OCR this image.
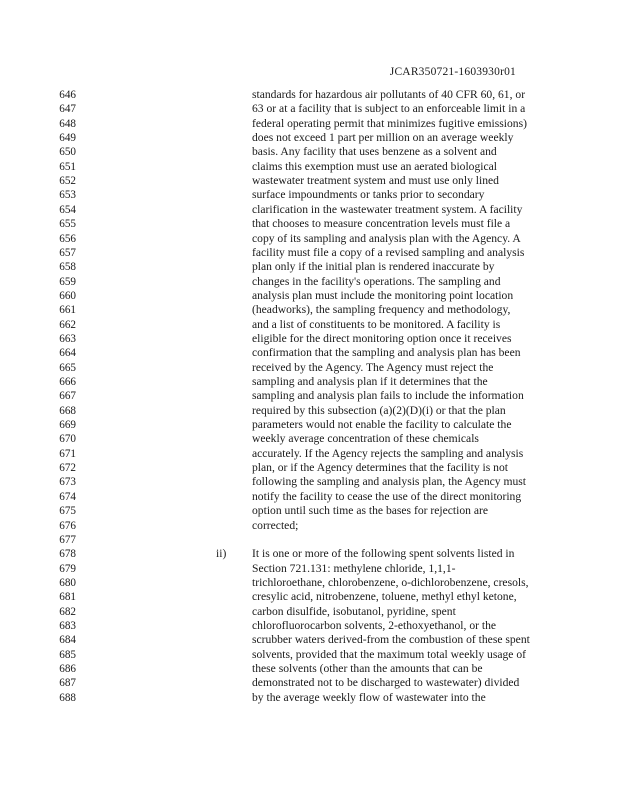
JCAR350721-1603930r01
646	standards for hazardous air pollutants of 40 CFR 60, 61, or
647	63 or at a facility that is subject to an enforceable limit in a
648	federal operating permit that minimizes fugitive emissions)
649	does not exceed 1 part per million on an average weekly
650	basis. Any facility that uses benzene as a solvent and
651	claims this exemption must use an aerated biological
652	wastewater treatment system and must use only lined
653	surface impoundments or tanks prior to secondary
654	clarification in the wastewater treatment system. A facility
655	that chooses to measure concentration levels must file a
656	copy of its sampling and analysis plan with the Agency. A
657	facility must file a copy of a revised sampling and analysis
658	plan only if the initial plan is rendered inaccurate by
659	changes in the facility's operations. The sampling and
660	analysis plan must include the monitoring point location
661	(headworks), the sampling frequency and methodology,
662	and a list of constituents to be monitored. A facility is
663	eligible for the direct monitoring option once it receives
664	confirmation that the sampling and analysis plan has been
665	received by the Agency. The Agency must reject the
666	sampling and analysis plan if it determines that the
667	sampling and analysis plan fails to include the information
668	required by this subsection (a)(2)(D)(i) or that the plan
669	parameters would not enable the facility to calculate the
670	weekly average concentration of these chemicals
671	accurately. If the Agency rejects the sampling and analysis
672	plan, or if the Agency determines that the facility is not
673	following the sampling and analysis plan, the Agency must
674	notify the facility to cease the use of the direct monitoring
675	option until such time as the bases for rejection are
676	corrected;
677
678	ii) It is one or more of the following spent solvents listed in
679	Section 721.131: methylene chloride, 1,1,1-
680	trichloroethane, chlorobenzene, o-dichlorobenzene, cresols,
681	cresylic acid, nitrobenzene, toluene, methyl ethyl ketone,
682	carbon disulfide, isobutanol, pyridine, spent
683	chlorofluorocarbon solvents, 2-ethoxyethanol, or the
684	scrubber waters derived-from the combustion of these spent
685	solvents, provided that the maximum total weekly usage of
686	these solvents (other than the amounts that can be
687	demonstrated not to be discharged to wastewater) divided
688	by the average weekly flow of wastewater into the
